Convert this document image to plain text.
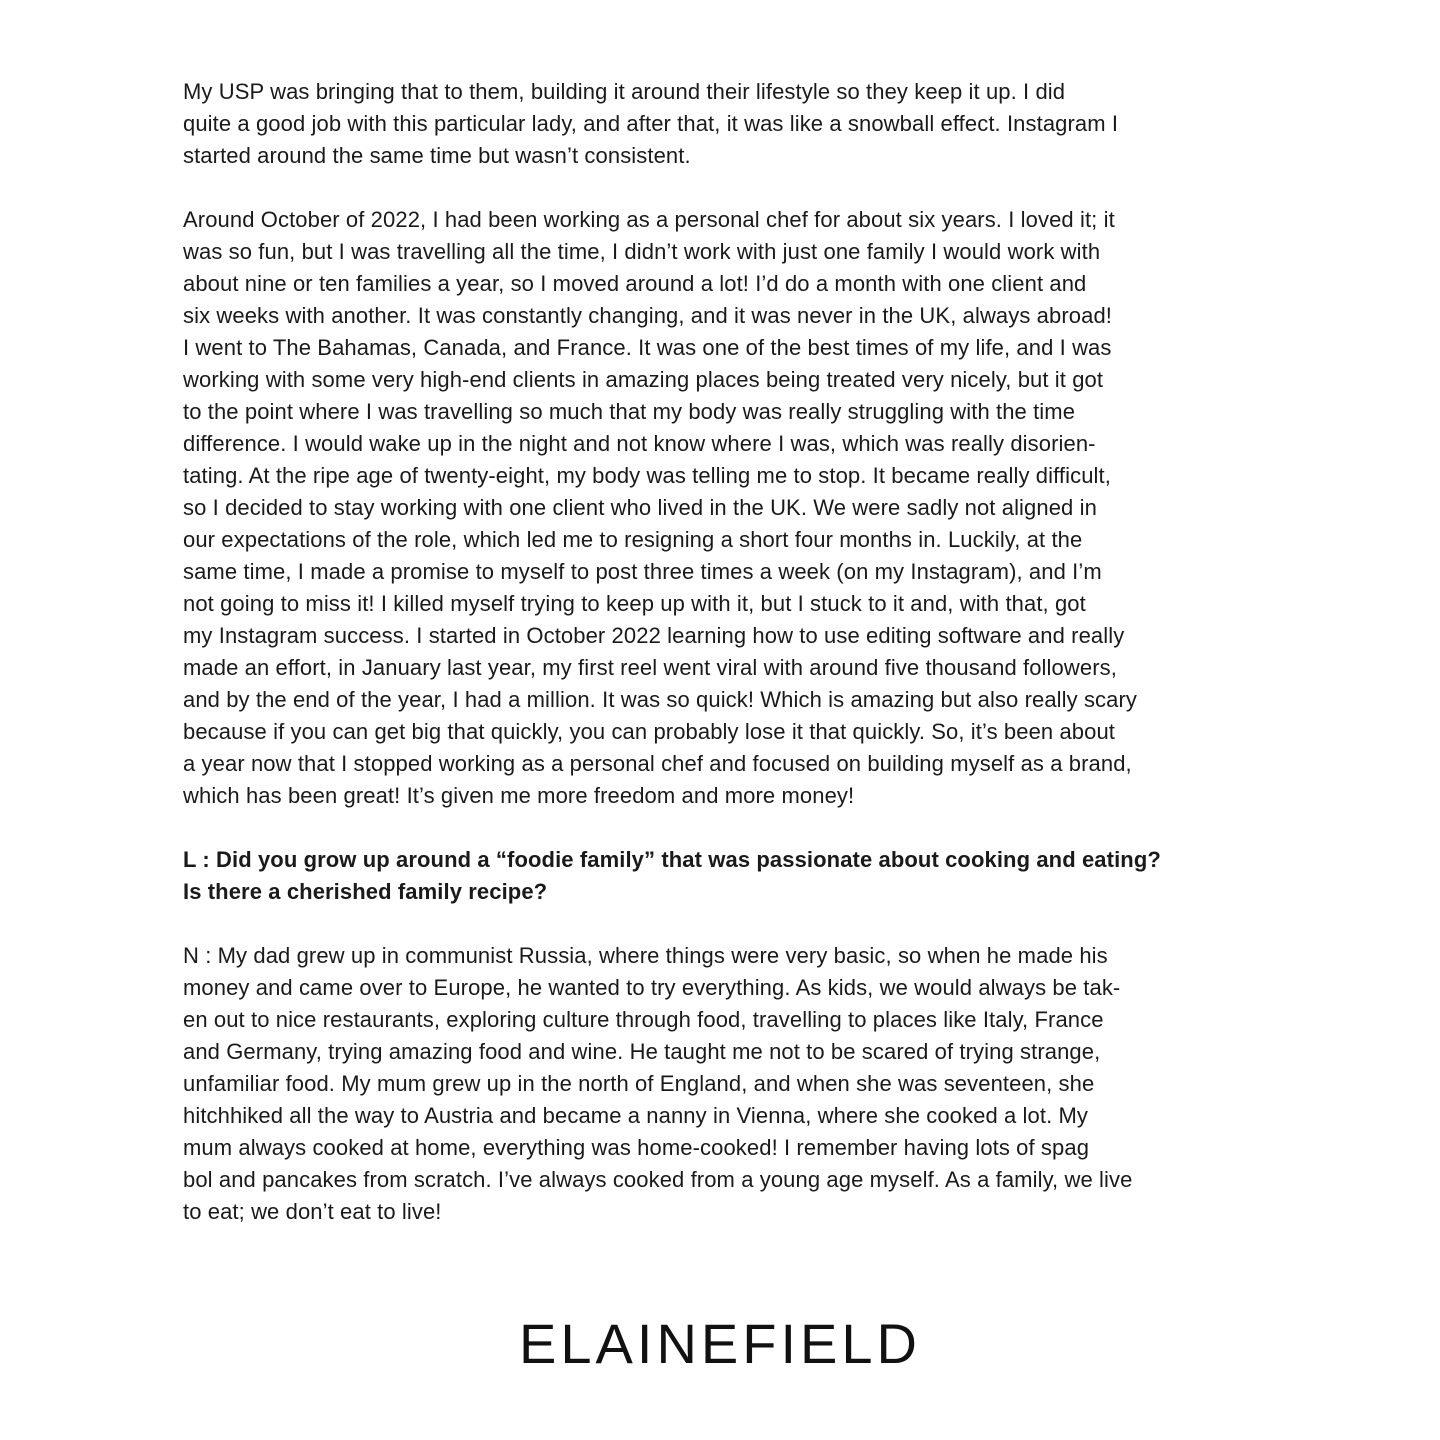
My USP was bringing that to them, building it around their lifestyle so they keep it up. I did
quite a good job with this particular lady, and after that, it was like a snowball effect. Instagram I
started around the same time but wasn’t consistent.

Around October of 2022, I had been working as a personal chef for about six years. I loved it; it
was so fun, but I was travelling all the time, I didn’t work with just one family I would work with
about nine or ten families a year, so I moved around a lot! I’d do a month with one client and
six weeks with another. It was constantly changing, and it was never in the UK, always abroad!
I went to The Bahamas, Canada, and France. It was one of the best times of my life, and I was
working with some very high-end clients in amazing places being treated very nicely, but it got
to the point where I was travelling so much that my body was really struggling with the time
difference. I would wake up in the night and not know where I was, which was really disorien-
tating. At the ripe age of twenty-eight, my body was telling me to stop. It became really difficult,
so I decided to stay working with one client who lived in the UK. We were sadly not aligned in
our expectations of the role, which led me to resigning a short four months in. Luckily, at the
same time, I made a promise to myself to post three times a week (on my Instagram), and I’m
not going to miss it! I killed myself trying to keep up with it, but I stuck to it and, with that, got
my Instagram success. I started in October 2022 learning how to use editing software and really
made an effort, in January last year, my first reel went viral with around five thousand followers,
and by the end of the year, I had a million. It was so quick! Which is amazing but also really scary
because if you can get big that quickly, you can probably lose it that quickly. So, it’s been about
a year now that I stopped working as a personal chef and focused on building myself as a brand,
which has been great! It’s given me more freedom and more money!

L : Did you grow up around a “foodie family” that was passionate about cooking and eating?
Is there a cherished family recipe?

N : My dad grew up in communist Russia, where things were very basic, so when he made his
money and came over to Europe, he wanted to try everything. As kids, we would always be tak-
en out to nice restaurants, exploring culture through food, travelling to places like Italy, France
and Germany, trying amazing food and wine. He taught me not to be scared of trying strange,
unfamiliar food. My mum grew up in the north of England, and when she was seventeen, she
hitchhiked all the way to Austria and became a nanny in Vienna, where she cooked a lot. My
mum always cooked at home, everything was home-cooked! I remember having lots of spag
bol and pancakes from scratch. I’ve always cooked from a young age myself. As a family, we live
to eat; we don’t eat to live!

ELAINEFIELD
